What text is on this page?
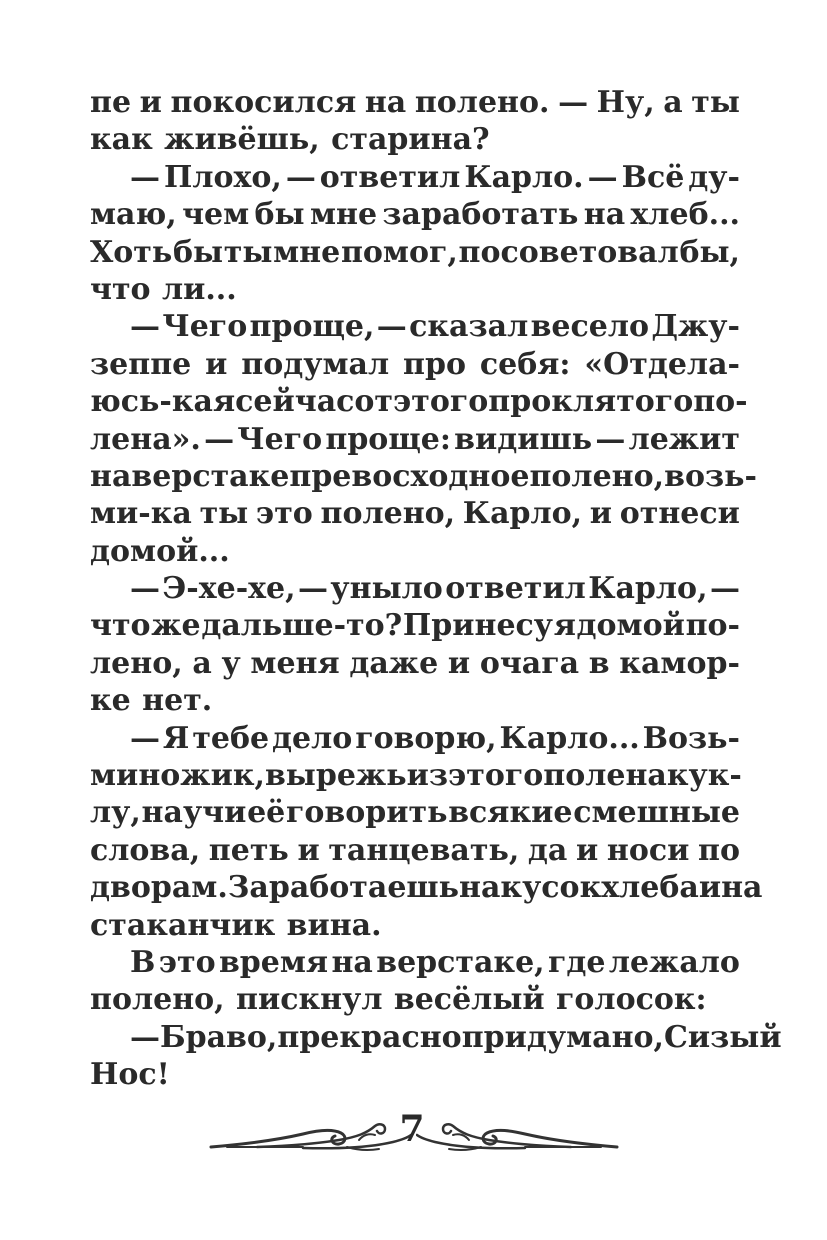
пе и покосился на полено. — Ну, а ты
как живёшь, старина?
— Плохо, — ответил Карло. — Всё ду-
маю, чем бы мне заработать на хлеб...
Хоть бы ты мне помог, посоветовал бы,
что ли...
— Чего проще, — сказал весело Джу-
зеппе и подумал про себя: «Отдела-
юсь-ка я сейчас от этого проклятого по-
лена». — Чего проще: видишь — лежит
на верстаке превосходное полено, возь-
ми-ка ты это полено, Карло, и отнеси
домой...
— Э-хе-хе, — уныло ответил Карло, —
что же дальше-то? Принесу я домой по-
лено, а у меня даже и очага в камор-
ке нет.
— Я тебе дело говорю, Карло... Возь-
ми ножик, вырежь из этого полена кук-
лу, научи её говорить всякие смешные
слова, петь и танцевать, да и носи по
дворам. Заработаешь на кусок хлеба и на
стаканчик вина.
В это время на верстаке, где лежало
полено, пискнул весёлый голосок:
— Браво, прекрасно придумано, Сизый
Нос!
7
